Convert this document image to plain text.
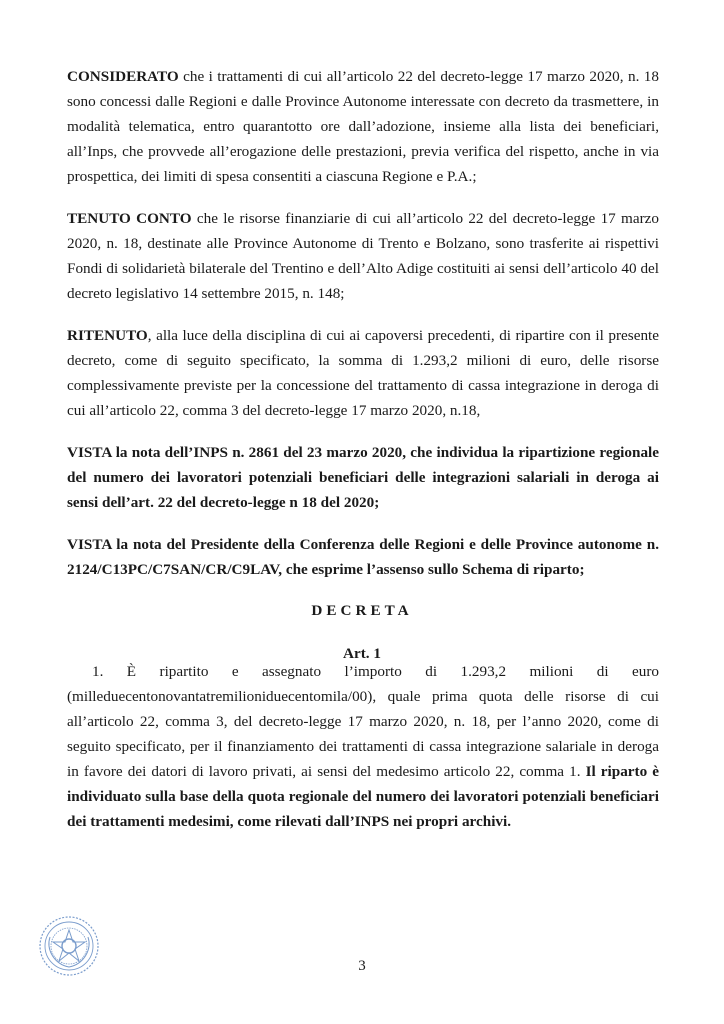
CONSIDERATO che i trattamenti di cui all’articolo 22 del decreto-legge 17 marzo 2020, n. 18 sono concessi dalle Regioni e dalle Province Autonome interessate con decreto da trasmettere, in modalità telematica, entro quarantotto ore dall’adozione, insieme alla lista dei beneficiari, all’Inps, che provvede all’erogazione delle prestazioni, previa verifica del rispetto, anche in via prospettica, dei limiti di spesa consentiti a ciascuna Regione e P.A.;

TENUTO CONTO che le risorse finanziarie di cui all’articolo 22 del decreto-legge 17 marzo 2020, n. 18, destinate alle Province Autonome di Trento e Bolzano, sono trasferite ai rispettivi Fondi di solidarietà bilaterale del Trentino e dell’Alto Adige costituiti ai sensi dell’articolo 40 del decreto legislativo 14 settembre 2015, n. 148;

RITENUTO, alla luce della disciplina di cui ai capoversi precedenti, di ripartire con il presente decreto, come di seguito specificato, la somma di 1.293,2 milioni di euro, delle risorse complessivamente previste per la concessione del trattamento di cassa integrazione in deroga di cui all’articolo 22, comma 3 del decreto-legge 17 marzo 2020, n.18,

VISTA la nota dell’INPS n. 2861 del 23 marzo 2020, che individua la ripartizione regionale del numero dei lavoratori potenziali beneficiari delle integrazioni salariali in deroga ai sensi dell’art. 22 del decreto-legge n 18 del 2020;

VISTA la nota del Presidente della Conferenza delle Regioni e delle Province autonome n. 2124/C13PC/C7SAN/CR/C9LAV, che esprime l’assenso sullo Schema di riparto;

DECRETA
Art. 1

1. È ripartito e assegnato l’importo di 1.293,2 milioni di euro (milleduecentonovantatremilioniduecentomila/00), quale prima quota delle risorse di cui all’articolo 22, comma 3, del decreto-legge 17 marzo 2020, n. 18, per l’anno 2020, come di seguito specificato, per il finanziamento dei trattamenti di cassa integrazione salariale in deroga in favore dei datori di lavoro privati, ai sensi del medesimo articolo 22, comma 1. Il riparto è individuato sulla base della quota regionale del numero dei lavoratori potenziali beneficiari dei trattamenti medesimi, come rilevati dall’INPS nei propri archivi.

3
